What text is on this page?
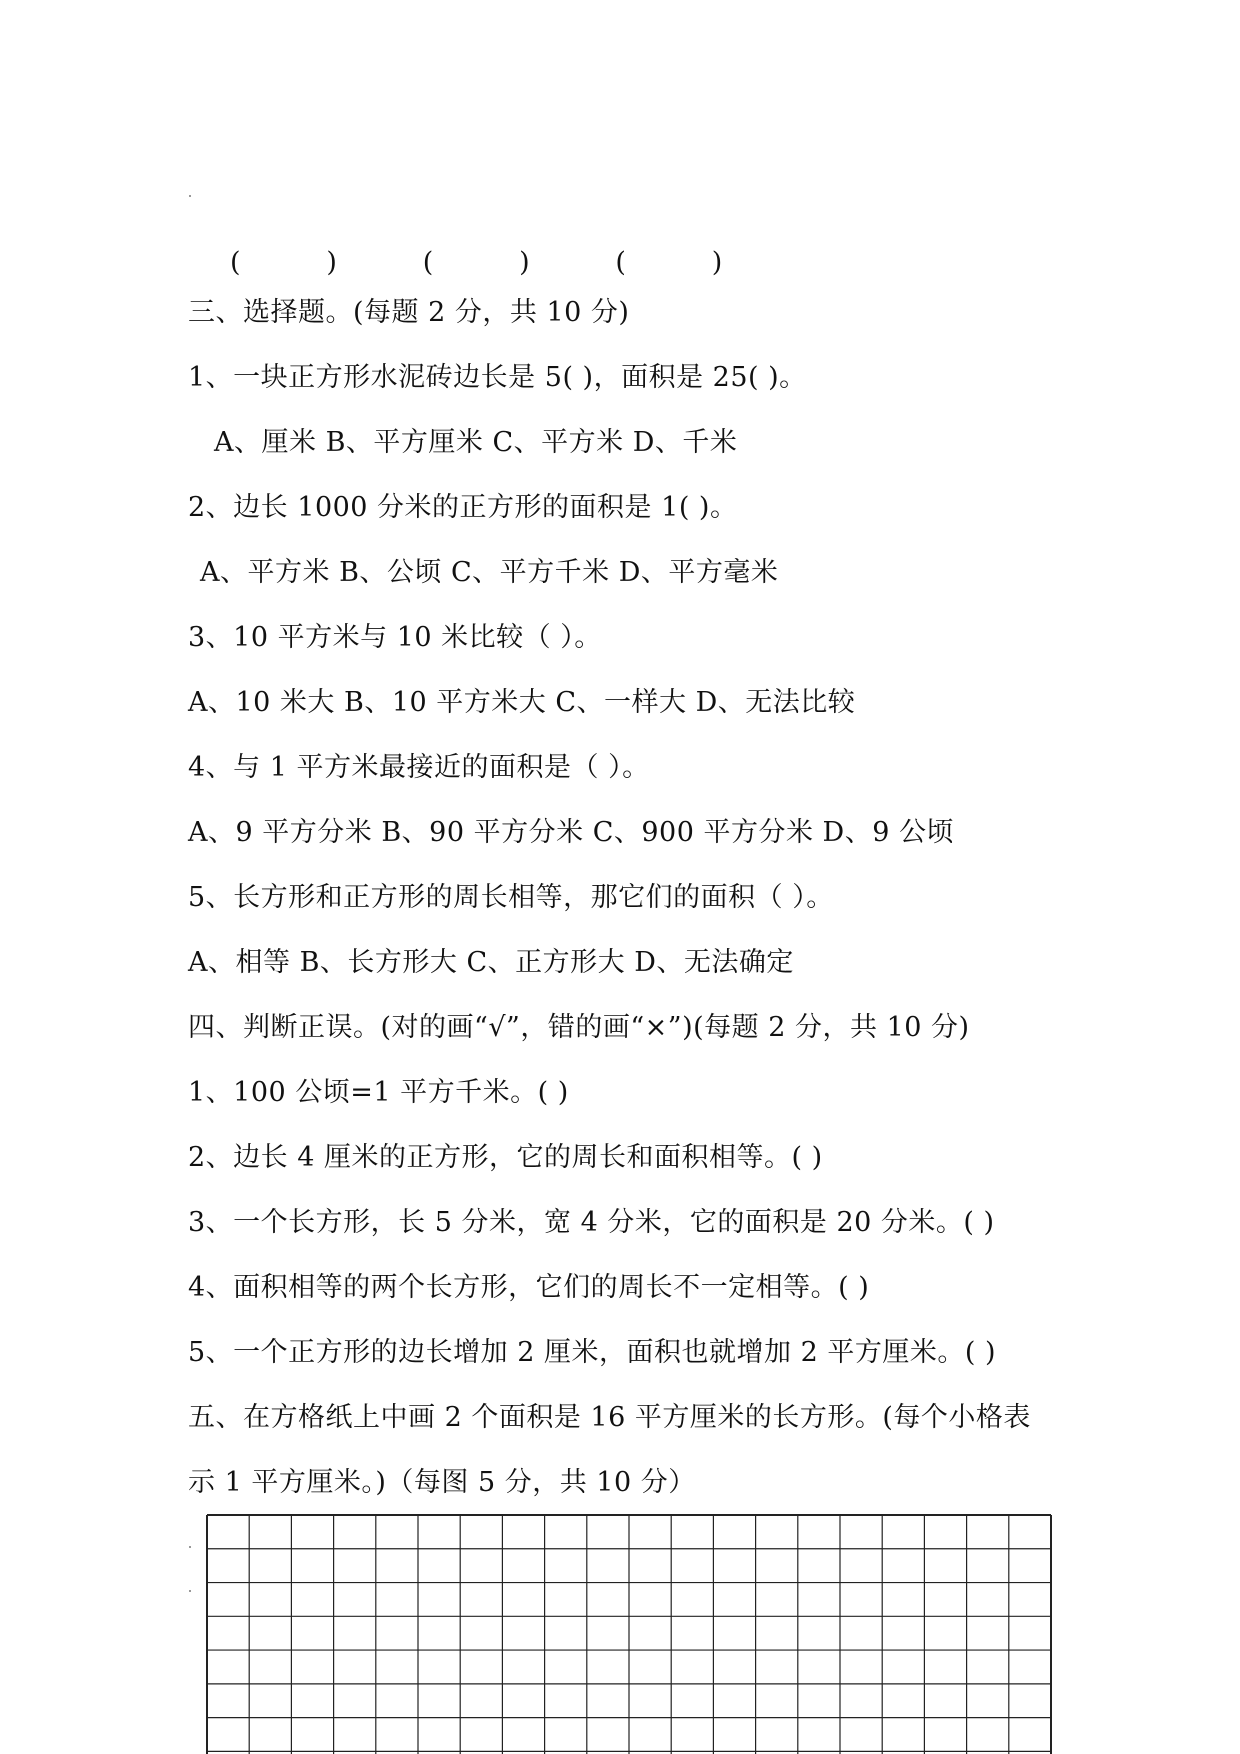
(          )          (          )          (          )
三、选择题。(每题 2 分，共 10 分)
1、一块正方形水泥砖边长是 5( )，面积是 25( )。
A、厘米 B、平方厘米 C、平方米 D、千米
2、边长 1000 分米的正方形的面积是 1( )。
A、平方米 B、公顷 C、平方千米 D、平方毫米
3、10 平方米与 10 米比较（ ）。
A、10 米大 B、10 平方米大 C、一样大 D、无法比较
4、与 1 平方米最接近的面积是（ ）。
A、9 平方分米 B、90 平方分米 C、900 平方分米 D、9 公顷
5、长方形和正方形的周长相等，那它们的面积（ ）。
A、相等 B、长方形大 C、正方形大 D、无法确定
四、判断正误。(对的画“√”，错的画“×”)(每题 2 分，共 10 分)
1、100 公顷=1 平方千米。( )
2、边长 4 厘米的正方形，它的周长和面积相等。( )
3、一个长方形，长 5 分米，宽 4 分米，它的面积是 20 分米。( )
4、面积相等的两个长方形，它们的周长不一定相等。( )
5、一个正方形的边长增加 2 厘米，面积也就增加 2 平方厘米。( )
五、在方格纸上中画 2 个面积是 16 平方厘米的长方形。(每个小格表
示 1 平方厘米。)（每图 5 分，共 10 分）
